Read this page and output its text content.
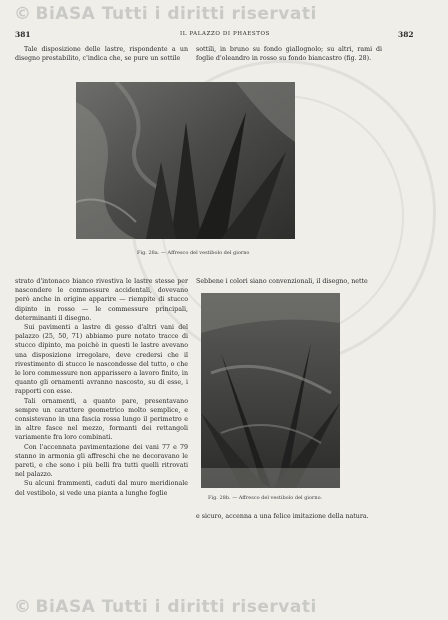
© BiASA Tutti i diritti riservati
381	IL PALAZZO DI PHAESTOS	382

Tale disposizione delle lastre, rispondente a un disegno prestabilito, c'indica che, se pure un sottile

sottili, in bruno su fondo giallognolo; su altri, rami di foglie d'oleandro in rosso su fondo biancastro (fig. 28).

Fig. 28a. — Affresco del vestibolo del giorno

strato d'intonaco bianco rivestiva le lastre stesse per nascondere le commessure accidentali, dovevano però anche in origine apparire — riempite di stucco dipinto in rosso — le commessure principali, determinanti il disegno.

Sui pavimenti a lastre di gesso d'altri vani del palazzo (25, 50, 71) abbiamo pure notato tracce di stucco dipinto, ma poichè in questi le lastre avevano una disposizione irregolare, deve credersi che il rivestimento di stucco le nascondesse del tutto, o che le loro commessure non apparissero a lavoro finito, in quanto gli ornamenti avranno nascosto, su di esse, i rapporti con esse.

Tali ornamenti, a quanto pare, presentavano sempre un carattere geometrico molto semplice, e consistevano in una fascia rossa lungo il perimetro e in altre fasce nel mezzo, formanti dei rettangoli variamente fra loro combinati.

Con l'accennata pavimentazione dei vani 77 e 79 stanno in armonia gli affreschi che ne decoravano le pareti, e che sono i più belli fra tutti quelli ritrovati nel palazzo.

Su alcuni frammenti, caduti dal muro meridionale del vestibolo, si vede una pianta a lunghe foglie

Sebbene i colori siano convenzionali, il disegno, nette

Fig. 28b. — Affresco del vestibolo del giorno.

e sicuro, accenna a una felice imitazione della natura.

© BiASA Tutti i diritti riservati
